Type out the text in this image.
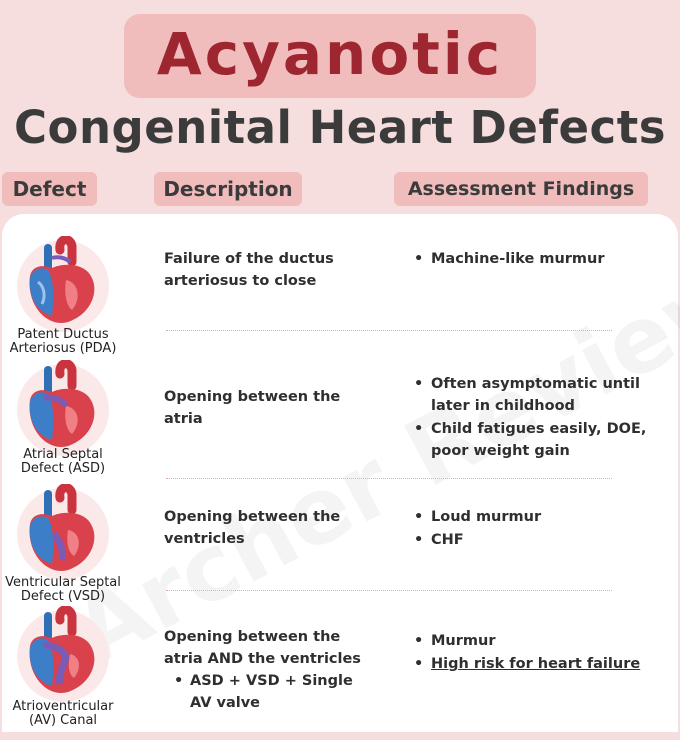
Acyanotic
Congenital Heart Defects
Defect	Description	Assessment Findings
Patent Ductus Arteriosus (PDA)
Failure of the ductus arteriosus to close
• Machine-like murmur
Atrial Septal Defect (ASD)
Opening between the atria
• Often asymptomatic until later in childhood
• Child fatigues easily, DOE, poor weight gain
Ventricular Septal Defect (VSD)
Opening between the ventricles
• Loud murmur
• CHF
Atrioventricular (AV) Canal
Opening between the atria AND the ventricles
• ASD + VSD + Single AV valve
• Murmur
• High risk for heart failure
